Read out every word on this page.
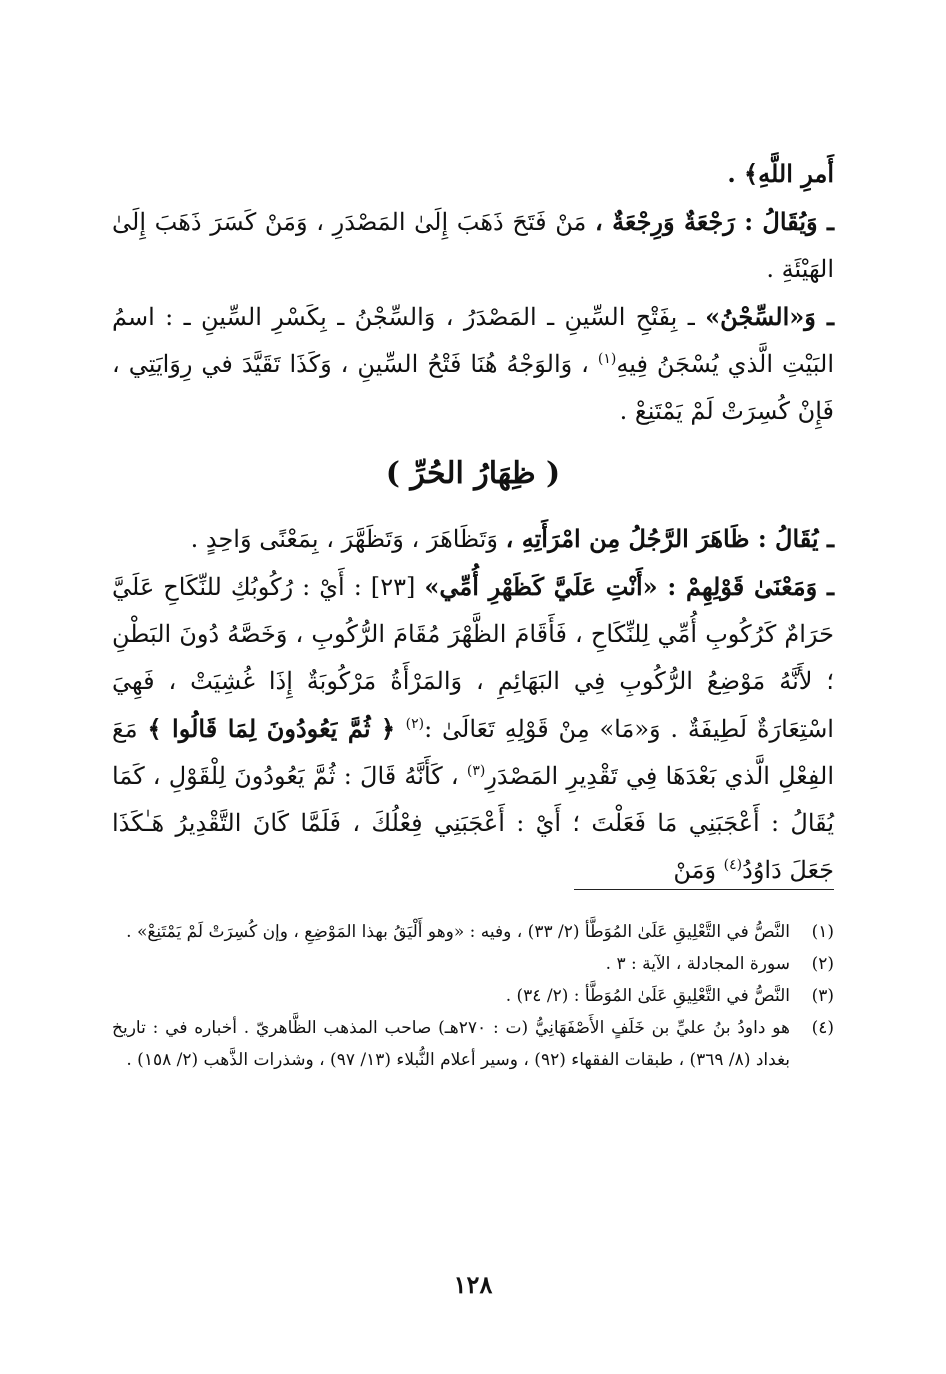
أَمرِ اللَّهِ﴾ .

ـ وَيُقَالُ : رَجْعَةٌ وَرِجْعَةٌ ، مَنْ فَتَحَ ذَهَبَ إِلَىٰ المَصْدَرِ ، وَمَنْ كَسَرَ ذَهَبَ إِلَىٰ الهَيْئَةِ .

ـ وَ«السِّجْنُ» ـ بِفَتْحِ السِّينِ ـ المَصْدَرُ ، وَالسِّجْنُ ـ بِكَسْرِ السِّينِ ـ : اسمُ البَيْتِ الَّذي يُسْجَنُ فِيهِ$^{(١)}$ ، وَالوَجْهُ هُنَا فَتْحُ السِّينِ ، وَكَذَا تَقَيَّدَ في رِوَايَتِي ، فَإِنْ كُسِرَتْ لَمْ يَمْتَنِعْ .

( ظِهَارُ الحُرِّ )

ـ يُقَالُ : ظَاهَرَ الرَّجُلُ مِن امْرَأَتِهِ ، وَتَظَاهَرَ ، وَتَظَهَّرَ ، بِمَعْنًى وَاحِدٍ .

ـ وَمَعْنَىٰ قَوْلِهِمْ : «أَنْتِ عَلَيَّ كَظَهْرِ أُمِّي» [٢٣] : أَيْ : رُكُوبُكِ للنِّكَاحِ عَلَيَّ حَرَامٌ كَرُكُوبِ أُمِّي لِلنِّكَاحِ ، فَأَقَامَ الظَّهْرَ مُقَامَ الرُّكُوبِ ، وَخَصَّهُ دُونَ البَطْنِ ؛ لأَنَّهُ مَوْضِعُ الرُّكُوبِ فِي البَهَائِمِ ، وَالمَرْأَةُ مَرْكُوبَةٌ إِذَا غُشِيَتْ ، فَهِيَ اسْتِعَارَةٌ لَطِيفَةٌ . وَ«مَا» مِنْ قَوْلِهِ تَعَالَىٰ :$^{(٢)}$ ﴿ ثُمَّ يَعُودُونَ لِمَا قَالُوا ﴾ مَعَ الفِعْلِ الَّذي بَعْدَهَا فِي تَقْدِيرِ المَصْدَرِ$^{(٣)}$ ، كَأَنَّهُ قَالَ : ثُمَّ يَعُودُونَ لِلْقَوْلِ ، كَمَا يُقَالُ : أَعْجَبَنِي مَا فَعَلْتَ ؛ أَيْ : أَعْجَبَنِي فِعْلُكَ ، فَلَمَّا كَانَ التَّقْدِيرُ هَـٰكَذَا جَعَلَ دَاوُدُ$^{(٤)}$ وَمَنْ

(١)
النَّصُّ في التَّعْلِيقِ عَلَىٰ المُوَطَّأ (٢/ ٣٣) ، وفيه : «وهو أَلْيَقُ بهذا المَوْضِعِ ، وإن كُسِرَتْ لَمْ يَمْتَنِعْ» .
(٢)
سورة المجادلة ، الآية : ٣ .
(٣)
النَّصُّ في التَّعْلِيقِ عَلَىٰ المُوَطَّأ : (٢/ ٣٤) .
(٤)
هو داودُ بنُ عليِّ بن خَلَفٍ الأَصْفَهَانِيُّ (ت : ٢٧٠هـ) صاحب المذهب الظَّاهريّ . أخباره في : تاريخ بغداد (٨/ ٣٦٩) ، طبقات الفقهاء (٩٢) ، وسير أعلام النُّبلاء (١٣/ ٩٧) ، وشذرات الذَّهب (٢/ ١٥٨) .
١٢٨
